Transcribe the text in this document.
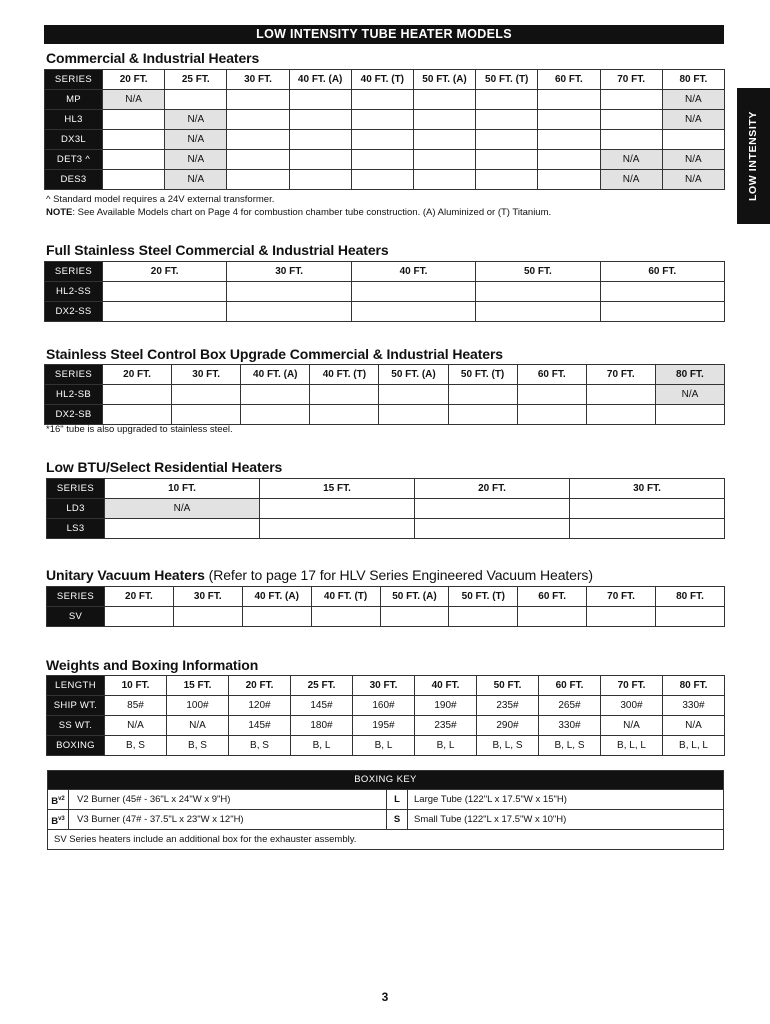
LOW INTENSITY TUBE HEATER MODELS
LOW INTENSITY
Commercial & Industrial Heaters
SERIES	20 FT.	25 FT.	30 FT.	40 FT. (A)	40 FT. (T)	50 FT. (A)	50 FT. (T)	60 FT.	70 FT.	80 FT.
MP	N/A									N/A
HL3		N/A								N/A
DX3L		N/A								
DET3 ^		N/A							N/A	N/A
DES3		N/A							N/A	N/A
^ Standard model requires a 24V external transformer.
NOTE: See Available Models chart on Page 4 for combustion chamber tube construction. (A) Aluminized or (T) Titanium.
Full Stainless Steel Commercial & Industrial Heaters
SERIES	20 FT.	30 FT.	40 FT.	50 FT.	60 FT.
HL2-SS					
DX2-SS					
Stainless Steel Control Box Upgrade Commercial & Industrial Heaters
SERIES	20 FT.	30 FT.	40 FT. (A)	40 FT. (T)	50 FT. (A)	50 FT. (T)	60 FT.	70 FT.	80 FT.
HL2-SB									N/A
DX2-SB									
*16" tube is also upgraded to stainless steel.
Low BTU/Select Residential Heaters
SERIES	10 FT.	15 FT.	20 FT.	30 FT.
LD3	N/A			
LS3				
Unitary Vacuum Heaters (Refer to page 17 for HLV Series Engineered Vacuum Heaters)
SERIES	20 FT.	30 FT.	40 FT. (A)	40 FT. (T)	50 FT. (A)	50 FT. (T)	60 FT.	70 FT.	80 FT.
SV									
Weights and Boxing Information
LENGTH	10 FT.	15 FT.	20 FT.	25 FT.	30 FT.	40 FT.	50 FT.	60 FT.	70 FT.	80 FT.
SHIP WT.	85#	100#	120#	145#	160#	190#	235#	265#	300#	330#
SS WT.	N/A	N/A	145#	180#	195#	235#	290#	330#	N/A	N/A
BOXING	B, S	B, S	B, S	B, L	B, L	B, L	B, L, S	B, L, S	B, L, L	B, L, L
BOXING KEY
$B^{v2}$	V2 Burner (45# - 36"L x 24"W x 9"H)	L	Large Tube (122"L x 17.5"W x 15"H)
$B^{v3}$	V3 Burner (47# - 37.5"L x 23"W x 12"H)	S	Small Tube (122"L x 17.5"W x 10"H)
SV Series heaters include an additional box for the exhauster assembly.
3
